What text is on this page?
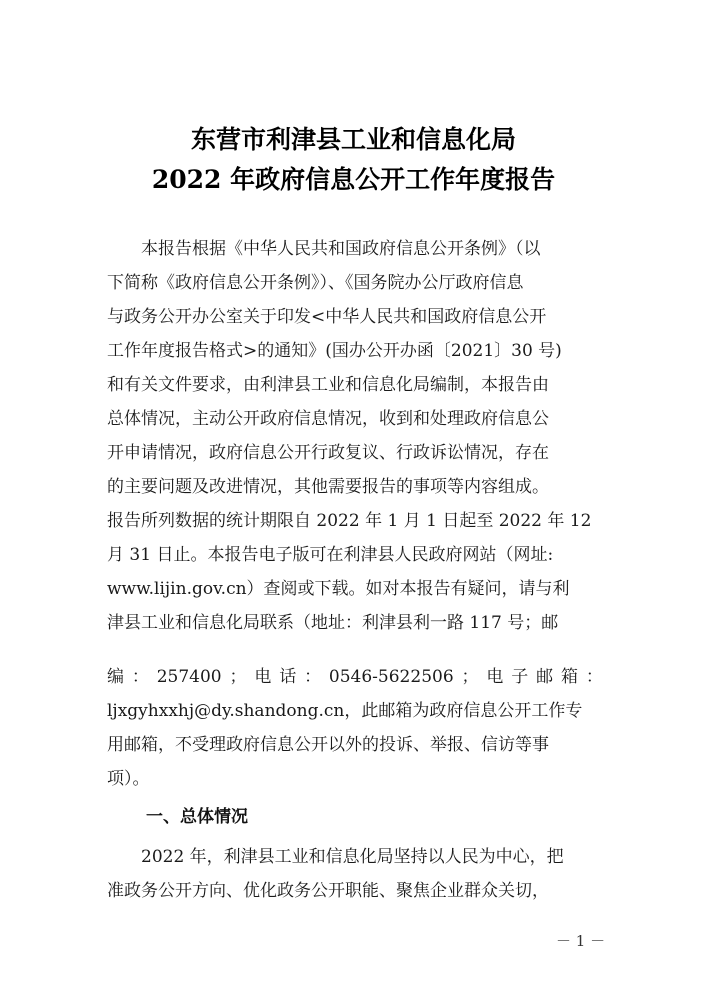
东营市利津县工业和信息化局
2022 年政府信息公开工作年度报告
　　本报告根据《中华人民共和国政府信息公开条例》（以
下简称《政府信息公开条例》）、《国务院办公厅政府信息
与政务公开办公室关于印发<中华人民共和国政府信息公开
工作年度报告格式>的通知》(国办公开办函〔2021〕30 号)
和有关文件要求，由利津县工业和信息化局编制，本报告由
总体情况，主动公开政府信息情况，收到和处理政府信息公
开申请情况，政府信息公开行政复议、行政诉讼情况，存在
的主要问题及改进情况，其他需要报告的事项等内容组成。
报告所列数据的统计期限自 2022 年 1 月 1 日起至 2022 年 12
月 31 日止。本报告电子版可在利津县人民政府网站（网址:
www.lijin.gov.cn）查阅或下载。如对本报告有疑问，请与利
津县工业和信息化局联系（地址：利津县利一路 117 号；邮
编 ： 257400 ； 电 话 ： 0546-5622506 ； 电 子 邮 箱 ：
ljxgyhxxhj@dy.shandong.cn，此邮箱为政府信息公开工作专
用邮箱，不受理政府信息公开以外的投诉、举报、信访等事
项）。
一、总体情况
　　2022 年，利津县工业和信息化局坚持以人民为中心，把
准政务公开方向、优化政务公开职能、聚焦企业群众关切，
－ 1 －
